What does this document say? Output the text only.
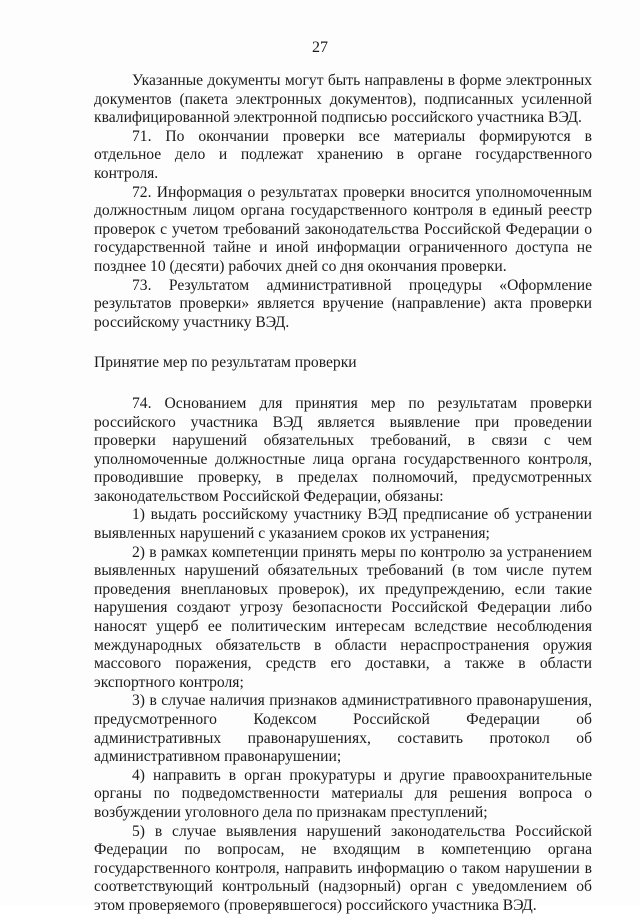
27

Указанные документы могут быть направлены в форме электронных документов (пакета электронных документов), подписанных усиленной квалифицированной электронной подписью российского участника ВЭД.

71. По окончании проверки все материалы формируются в отдельное дело и подлежат хранению в органе государственного контроля.

72. Информация о результатах проверки вносится уполномоченным должностным лицом органа государственного контроля в единый реестр проверок с учетом требований законодательства Российской Федерации о государственной тайне и иной информации ограниченного доступа не позднее 10 (десяти) рабочих дней со дня окончания проверки.

73. Результатом административной процедуры «Оформление результатов проверки» является вручение (направление) акта проверки российскому участнику ВЭД.

Принятие мер по результатам проверки

74. Основанием для принятия мер по результатам проверки российского участника ВЭД является выявление при проведении проверки нарушений обязательных требований, в связи с чем уполномоченные должностные лица органа государственного контроля, проводившие проверку, в пределах полномочий, предусмотренных законодательством Российской Федерации, обязаны:

1) выдать российскому участнику ВЭД предписание об устранении выявленных нарушений с указанием сроков их устранения;

2) в рамках компетенции принять меры по контролю за устранением выявленных нарушений обязательных требований (в том числе путем проведения внеплановых проверок), их предупреждению, если такие нарушения создают угрозу безопасности Российской Федерации либо наносят ущерб ее политическим интересам вследствие несоблюдения международных обязательств в области нераспространения оружия массового поражения, средств его доставки, а также в области экспортного контроля;

3) в случае наличия признаков административного правонарушения, предусмотренного Кодексом Российской Федерации об административных правонарушениях, составить протокол об административном правонарушении;

4) направить в орган прокуратуры и другие правоохранительные органы по подведомственности материалы для решения вопроса о возбуждении уголовного дела по признакам преступлений;

5) в случае выявления нарушений законодательства Российской Федерации по вопросам, не входящим в компетенцию органа государственного контроля, направить информацию о таком нарушении в соответствующий контрольный (надзорный) орган с уведомлением об этом проверяемого (проверявшегося) российского участника ВЭД.
